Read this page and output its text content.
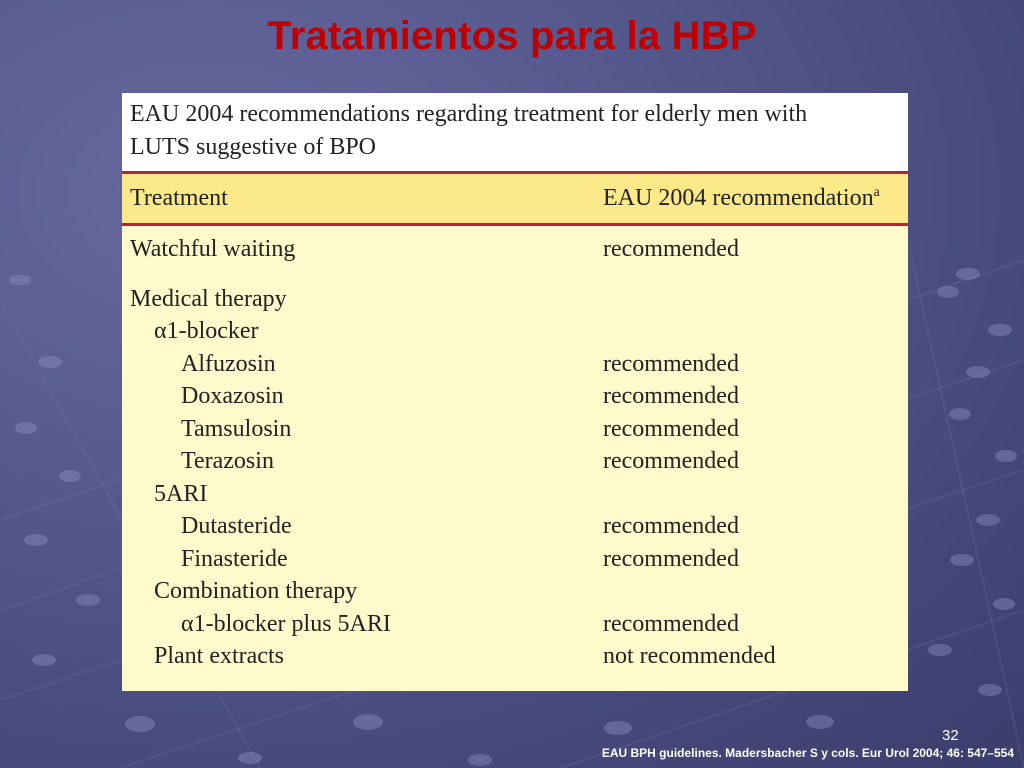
Tratamientos para la HBP
EAU 2004 recommendations regarding treatment for elderly men with
LUTS suggestive of BPO
Treatment	EAU 2004 recommendation$^a$
Watchful waiting	recommended
Medical therapy
α1-blocker
Alfuzosin	recommended
Doxazosin	recommended
Tamsulosin	recommended
Terazosin	recommended
5ARI
Dutasteride	recommended
Finasteride	recommended
Combination therapy
α1-blocker plus 5ARI	recommended
Plant extracts	not recommended
32
EAU BPH guidelines. Madersbacher S y cols. Eur Urol 2004; 46: 547–554
